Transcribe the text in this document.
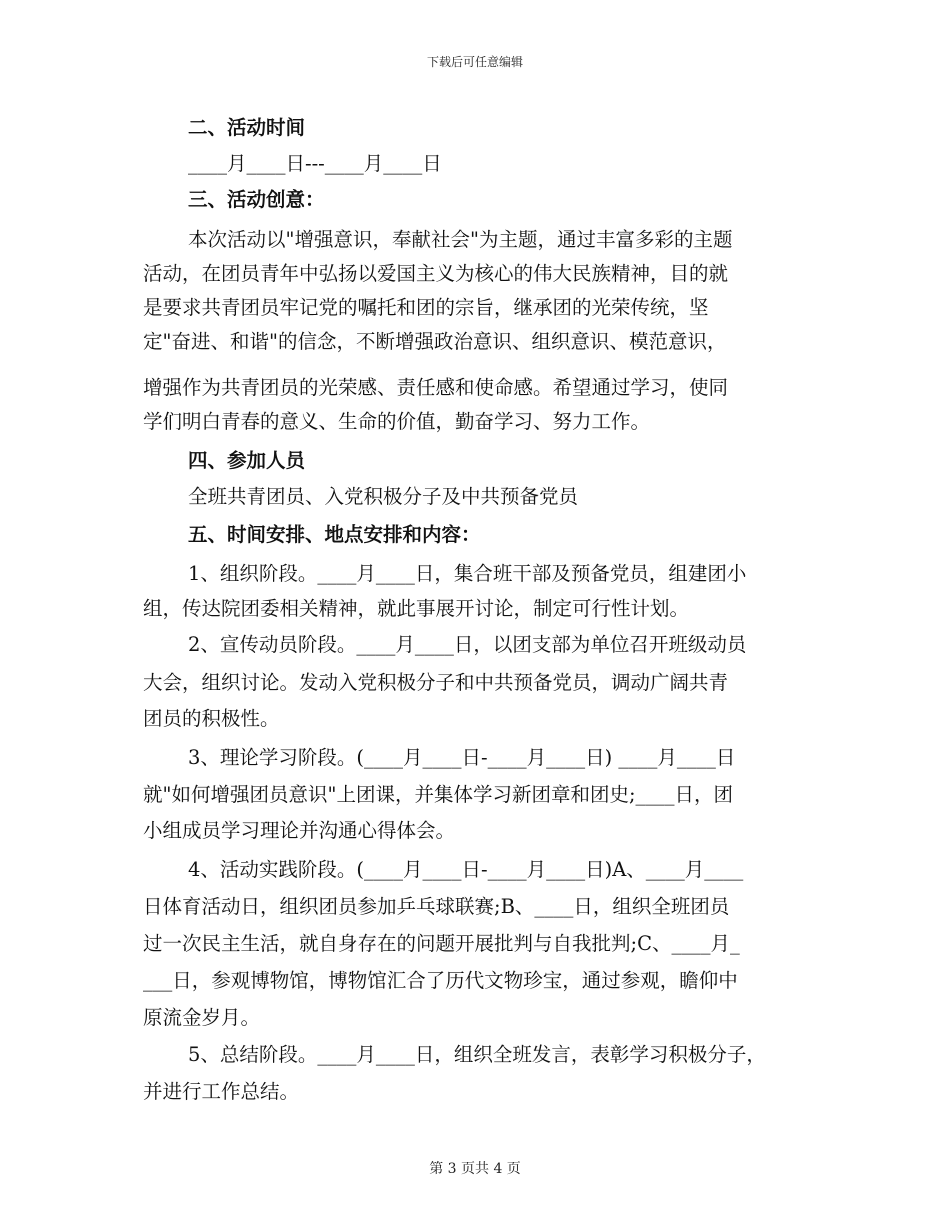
下载后可任意编辑
二、活动时间
____月____日---____月____日
三、活动创意：
本次活动以"增强意识，奉献社会"为主题，通过丰富多彩的主题
活动，在团员青年中弘扬以爱国主义为核心的伟大民族精神，目的就
是要求共青团员牢记党的嘱托和团的宗旨，继承团的光荣传统，坚
定"奋进、和谐"的信念，不断增强政治意识、组织意识、模范意识，
增强作为共青团员的光荣感、责任感和使命感。希望通过学习，使同
学们明白青春的意义、生命的价值，勤奋学习、努力工作。
四、参加人员
全班共青团员、入党积极分子及中共预备党员
五、时间安排、地点安排和内容：
1、组织阶段。____月____日，集合班干部及预备党员，组建团小
组，传达院团委相关精神，就此事展开讨论，制定可行性计划。
2、宣传动员阶段。____月____日，以团支部为单位召开班级动员
大会，组织讨论。发动入党积极分子和中共预备党员，调动广阔共青
团员的积极性。
3、理论学习阶段。(____月____日-____月____日) ____月____日
就"如何增强团员意识"上团课，并集体学习新团章和团史;____日，团
小组成员学习理论并沟通心得体会。
4、活动实践阶段。(____月____日-____月____日)A、____月____
日体育活动日，组织团员参加乒乓球联赛;B、____日，组织全班团员
过一次民主生活，就自身存在的问题开展批判与自我批判;C、____月_
___日，参观博物馆，博物馆汇合了历代文物珍宝，通过参观，瞻仰中
原流金岁月。
5、总结阶段。____月____日，组织全班发言，表彰学习积极分子，
并进行工作总结。
第 3 页共 4 页
